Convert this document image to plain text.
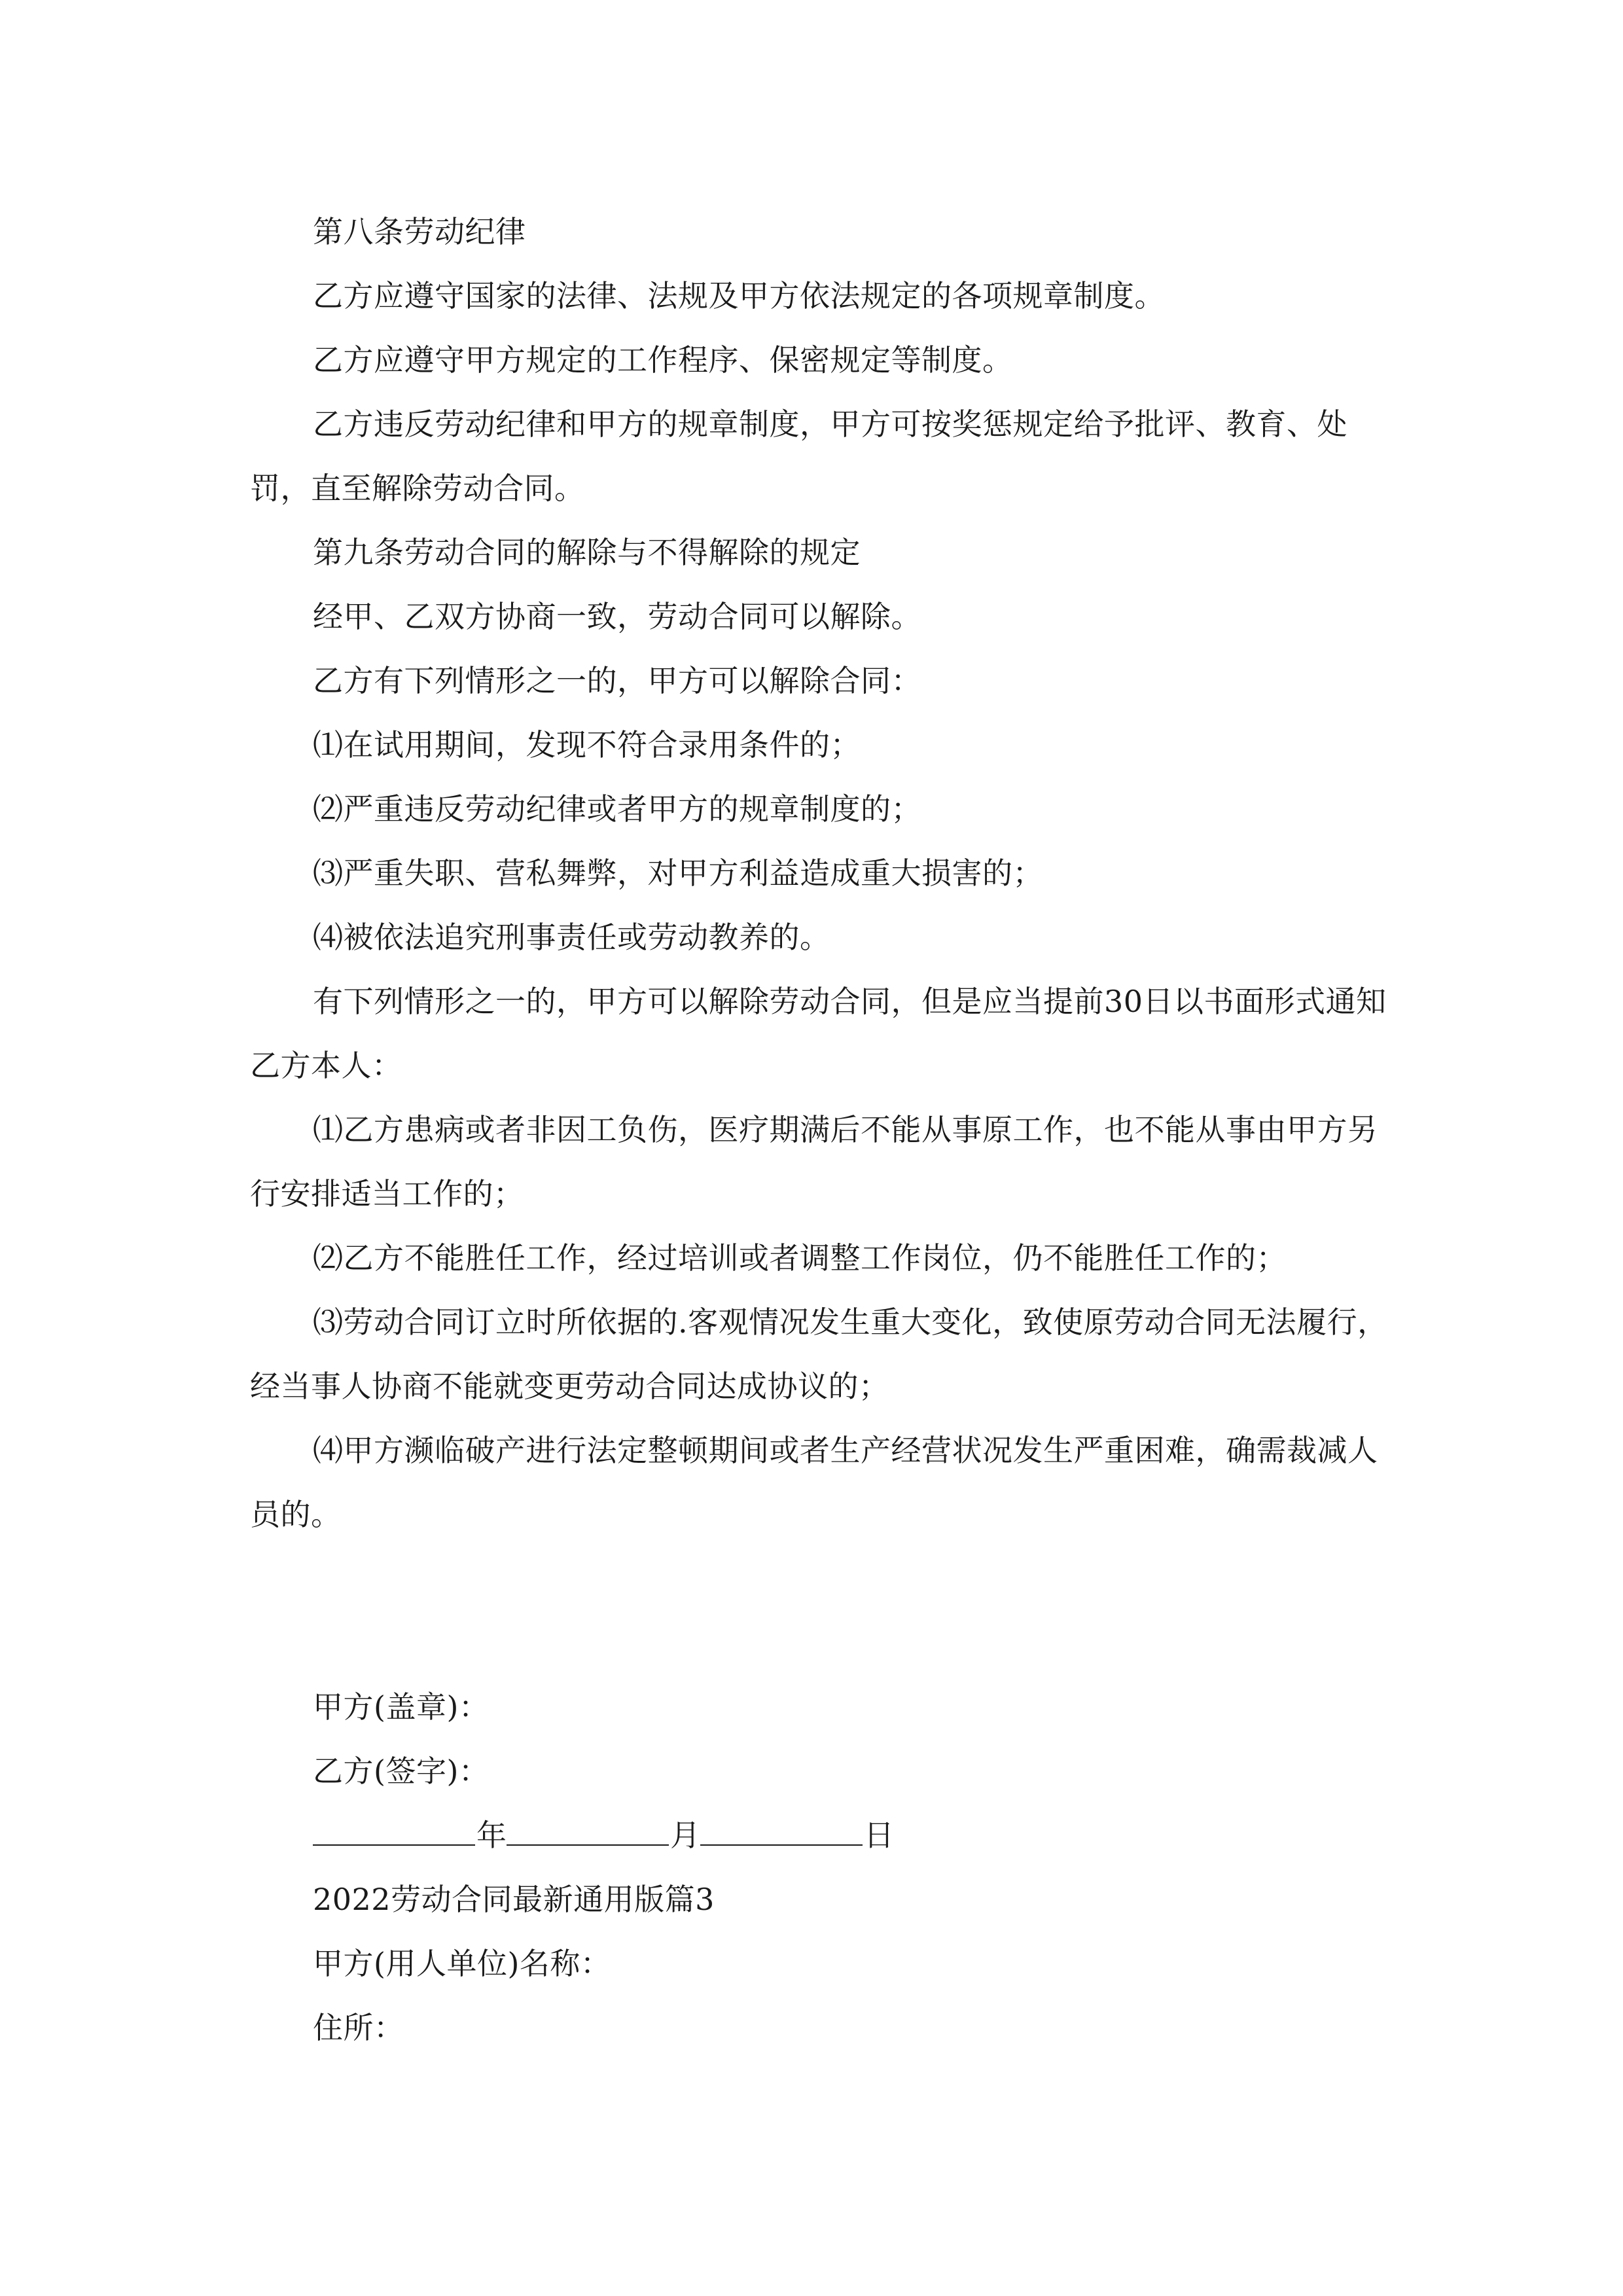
第八条劳动纪律

乙方应遵守国家的法律、法规及甲方依法规定的各项规章制度。

乙方应遵守甲方规定的工作程序、保密规定等制度。

乙方违反劳动纪律和甲方的规章制度，甲方可按奖惩规定给予批评、教育、处罚，直至解除劳动合同。

第九条劳动合同的解除与不得解除的规定

经甲、乙双方协商一致，劳动合同可以解除。

乙方有下列情形之一的，甲方可以解除合同：

⑴在试用期间，发现不符合录用条件的；

⑵严重违反劳动纪律或者甲方的规章制度的；

⑶严重失职、营私舞弊，对甲方利益造成重大损害的；

⑷被依法追究刑事责任或劳动教养的。

有下列情形之一的，甲方可以解除劳动合同，但是应当提前30日以书面形式通知乙方本人：

⑴乙方患病或者非因工负伤，医疗期满后不能从事原工作，也不能从事由甲方另行安排适当工作的；

⑵乙方不能胜任工作，经过培训或者调整工作岗位，仍不能胜任工作的；

⑶劳动合同订立时所依据的.客观情况发生重大变化，致使原劳动合同无法履行，经当事人协商不能就变更劳动合同达成协议的；

⑷甲方濒临破产进行法定整顿期间或者生产经营状况发生严重困难，确需裁减人员的。

甲方(盖章)：

乙方(签字)：

年	月	日

2022劳动合同最新通用版篇3

甲方(用人单位)名称：

住所：
